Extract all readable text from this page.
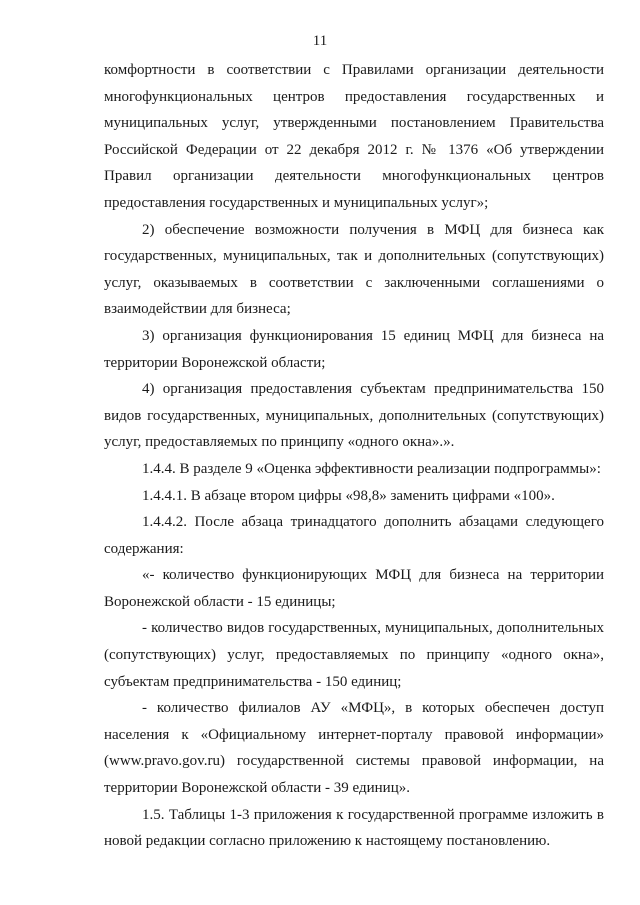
11

комфортности в соответствии с Правилами организации деятельности многофункциональных центров предоставления государственных и муниципальных услуг, утвержденными постановлением Правительства Российской Федерации от 22 декабря 2012 г. № 1376 «Об утверждении Правил организации деятельности многофункциональных центров предоставления государственных и муниципальных услуг»;

2) обеспечение возможности получения в МФЦ для бизнеса как государственных, муниципальных, так и дополнительных (сопутствующих) услуг, оказываемых в соответствии с заключенными соглашениями о взаимодействии для бизнеса;

3) организация функционирования 15 единиц МФЦ для бизнеса на территории Воронежской области;

4) организация предоставления субъектам предпринимательства 150 видов государственных, муниципальных, дополнительных (сопутствующих) услуг, предоставляемых по принципу «одного окна».».

1.4.4. В разделе 9 «Оценка эффективности реализации подпрограммы»:

1.4.4.1. В абзаце втором цифры «98,8» заменить цифрами «100».

1.4.4.2. После абзаца тринадцатого дополнить абзацами следующего содержания:

«- количество функционирующих МФЦ для бизнеса на территории Воронежской области - 15 единицы;

- количество видов государственных, муниципальных, дополнительных (сопутствующих) услуг, предоставляемых по принципу «одного окна», субъектам предпринимательства - 150 единиц;

- количество филиалов АУ «МФЦ», в которых обеспечен доступ населения к «Официальному интернет-порталу правовой информации» (www.pravo.gov.ru) государственной системы правовой информации, на территории Воронежской области - 39 единиц».

1.5. Таблицы 1-3 приложения к государственной программе изложить в новой редакции согласно приложению к настоящему постановлению.
